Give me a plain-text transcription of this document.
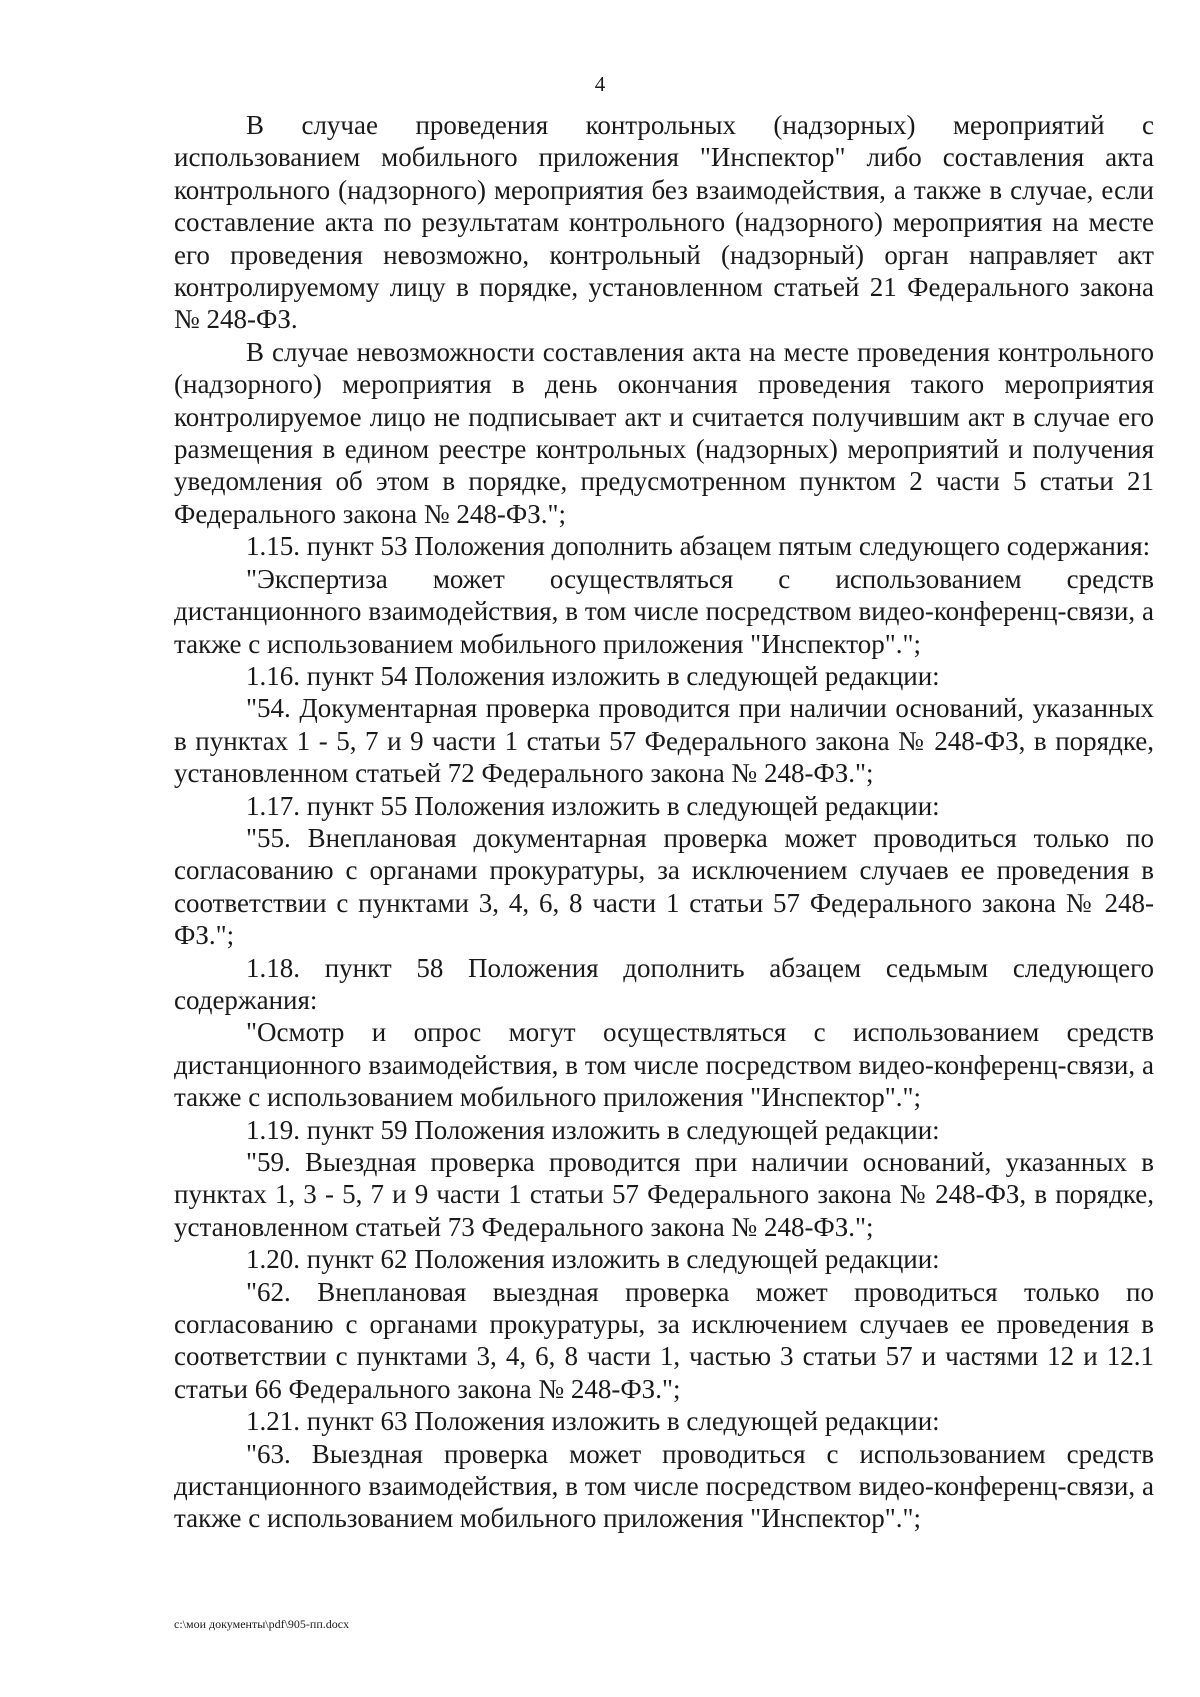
4

В случае проведения контрольных (надзорных) мероприятий с использованием мобильного приложения "Инспектор" либо составления акта контрольного (надзорного) мероприятия без взаимодействия, а также в случае, если составление акта по результатам контрольного (надзорного) мероприятия на месте его проведения невозможно, контрольный (надзорный) орган направляет акт контролируемому лицу в порядке, установленном статьей 21 Федерального закона № 248-ФЗ.

В случае невозможности составления акта на месте проведения контрольного (надзорного) мероприятия в день окончания проведения такого мероприятия контролируемое лицо не подписывает акт и считается получившим акт в случае его размещения в едином реестре контрольных (надзорных) мероприятий и получения уведомления об этом в порядке, предусмотренном пунктом 2 части 5 статьи 21 Федерального закона № 248-ФЗ.";

1.15. пункт 53 Положения дополнить абзацем пятым следующего содержания:

"Экспертиза может осуществляться с использованием средств дистанционного взаимодействия, в том числе посредством видео-конференц-связи, а также с использованием мобильного приложения "Инспектор".";

1.16. пункт 54 Положения изложить в следующей редакции:

"54. Документарная проверка проводится при наличии оснований, указанных в пунктах 1 - 5, 7 и 9 части 1 статьи 57 Федерального закона № 248-ФЗ, в порядке, установленном статьей 72 Федерального закона № 248-ФЗ.";

1.17. пункт 55 Положения изложить в следующей редакции:

"55. Внеплановая документарная проверка может проводиться только по согласованию с органами прокуратуры, за исключением случаев ее проведения в соответствии с пунктами 3, 4, 6, 8 части 1 статьи 57 Федерального закона № 248-ФЗ.";

1.18. пункт 58 Положения дополнить абзацем седьмым следующего содержания:

"Осмотр и опрос могут осуществляться с использованием средств дистанционного взаимодействия, в том числе посредством видео-конференц-связи, а также с использованием мобильного приложения "Инспектор".";

1.19. пункт 59 Положения изложить в следующей редакции:

"59. Выездная проверка проводится при наличии оснований, указанных в пунктах 1, 3 - 5, 7 и 9 части 1 статьи 57 Федерального закона № 248-ФЗ, в порядке, установленном статьей 73 Федерального закона № 248-ФЗ.";

1.20. пункт 62 Положения изложить в следующей редакции:

"62. Внеплановая выездная проверка может проводиться только по согласованию с органами прокуратуры, за исключением случаев ее проведения в соответствии с пунктами 3, 4, 6, 8 части 1, частью 3 статьи 57 и частями 12 и 12.1 статьи 66 Федерального закона № 248-ФЗ.";

1.21. пункт 63 Положения изложить в следующей редакции:

"63. Выездная проверка может проводиться с использованием средств дистанционного взаимодействия, в том числе посредством видео-конференц-связи, а также с использованием мобильного приложения "Инспектор".";

c:\мои документы\pdf\905-пп.docx
